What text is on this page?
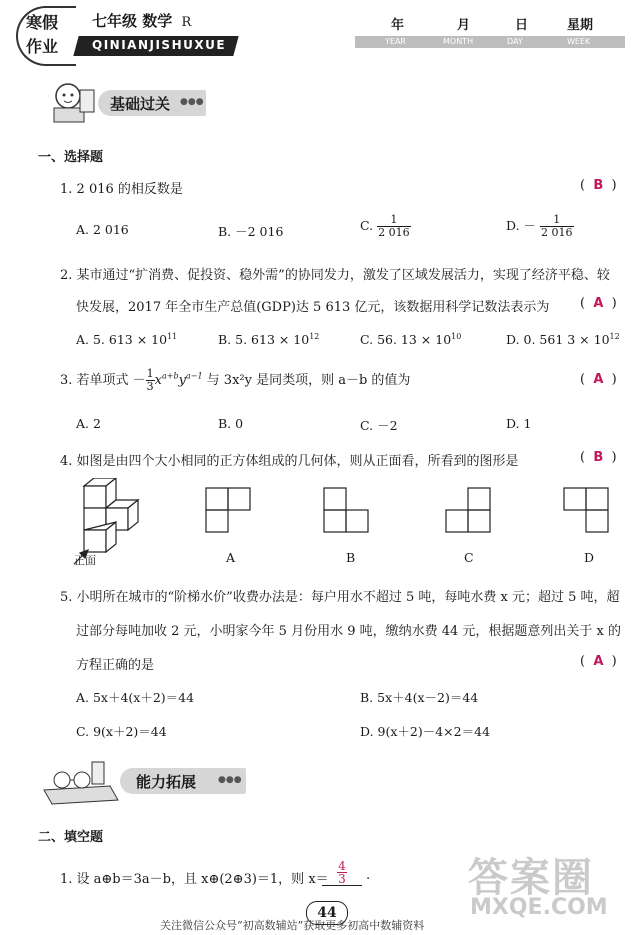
寒假
作业
七年级 数学 R
QINIANJISHUXUE
年	月	日	星期
YEAR	MONTH	DAY	WEEK
基础过关 ●●●
一、选择题
1. 2 016 的相反数是	(  B  )
A. 2 016	B. －2 016	C. $\frac{1}{2 016}$	D. － $\frac{1}{2 016}$
2. 某市通过“扩消费、促投资、稳外需”的协同发力，激发了区域发展活力，实现了经济平稳、较
快发展，2017 年全市生产总值(GDP)达 5 613 亿元，该数据用科学记数法表示为 (  A  )
A. 5. $613 \times 10^{11}$	B. 5. $613 \times 10^{12}$	C. 56. $13 \times 10^{10}$	D. 0. 561 $3 \times 10^{12}$
3. 若单项式 － $\frac{1}{3} x^{a+b}y^{a-1}$ 与 3x²y 是同类项，则 a－b 的值为	(  A  )
A. 2	B. 0	C. －2	D. 1
4. 如图是由四个大小相同的正方体组成的几何体，则从正面看，所看到的图形是	(  B  )
正面	A	B	C	D
5. 小明所在城市的“阶梯水价”收费办法是：每户用水不超过 5 吨，每吨水费 x 元；超过 5 吨，超
过部分每吨加收 2 元，小明家今年 5 月份用水 9 吨，缴纳水费 44 元，根据题意列出关于 x 的
方程正确的是	(  A  )
A. 5x＋4(x＋2)＝44	B. 5x＋4(x－2)＝44
C. 9(x＋2)＝44	D. 9(x＋2)－4×2＝44
能力拓展 ●●●
二、填空题
1. 设 a⊕b＝3a－b，且 x⊕(2⊕3)＝1，则 $x= \frac{4}{3}$ . 答案圈
MXQE.COM
44
关注微信公众号“初高数辅站”获取更多初高中数辅资料
